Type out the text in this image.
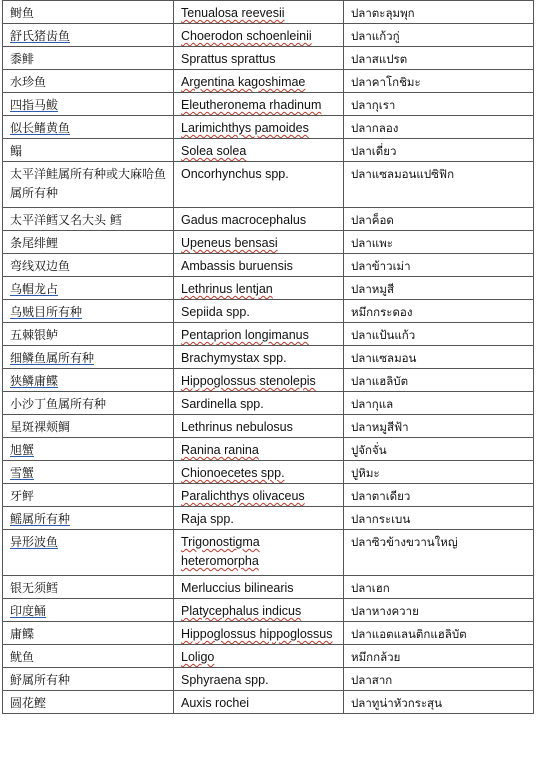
鲥鱼	Tenualosa reevesii	ปลาตะลุมพุก
舒氏猪齿鱼	Choerodon schoenleinii	ปลาแก้วกู่
黍鲱	Sprattus sprattus	ปลาสแปรต
水珍鱼	Argentina kagoshimae	ปลาคาโกชิมะ
四指马鲅	Eleutheronema rhadinum	ปลากุเรา
似长鳍黄鱼	Larimichthys pamoides	ปลากลอง
鳎	Solea solea	ปลาเดี่ยว
太平洋鲑属所有种或大麻哈鱼属所有种	Oncorhynchus spp.	ปลาแซลมอนแปซิฟิก
太平洋鳕又名大头 鳕	Gadus macrocephalus	ปลาค็อด
条尾绯鲤	Upeneus bensasi	ปลาแพะ
弯线双边鱼	Ambassis buruensis	ปลาข้าวเม่า
乌帽龙占	Lethrinus lentjan	ปลาหมูสี
乌贼目所有种	Sepiida spp.	หมึกกระดอง
五棘银鲈	Pentaprion longimanus	ปลาแป้นแก้ว
细鳞鱼属所有种	Brachymystax spp.	ปลาแซลมอน
狭鳞庸鲽	Hippoglossus stenolepis	ปลาแฮลิบัต
小沙丁鱼属所有种	Sardinella spp.	ปลากุแล
星斑裸颊鲷	Lethrinus nebulosus	ปลาหมูสีฟ้า
旭蟹	Ranina ranina	ปูจักจั่น
雪蟹	Chionoecetes spp.	ปูหิมะ
牙鲆	Paralichthys olivaceus	ปลาตาเดียว
鳐属所有种	Raja spp.	ปลากระเบน
异形波鱼	Trigonostigma heteromorpha	ปลาซิวข้างขวานใหญ่
银无须鳕	Merluccius bilinearis	ปลาเฮก
印度鲬	Platycephalus indicus	ปลาหางควาย
庸鲽	Hippoglossus hippoglossus	ปลาแอตแลนติกแฮลิบัต
鱿鱼	Loligo	หมึกกล้วย
魣属所有种	Sphyraena spp.	ปลาสาก
圆花鲣	Auxis rochei	ปลาทูน่าหัวกระสุน
